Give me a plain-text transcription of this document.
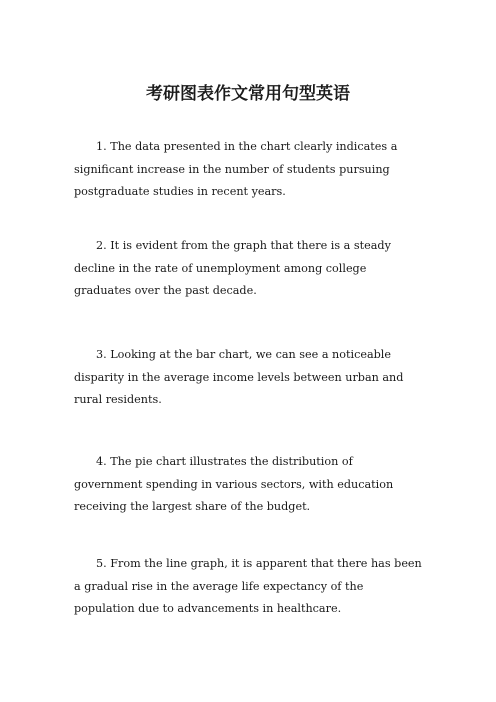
考研图表作文常用句型英语

1. The data presented in the chart clearly indicates a significant increase in the number of students pursuing postgraduate studies in recent years.

2. It is evident from the graph that there is a steady decline in the rate of unemployment among college graduates over the past decade.

3. Looking at the bar chart, we can see a noticeable disparity in the average income levels between urban and rural residents.

4. The pie chart illustrates the distribution of government spending in various sectors, with education receiving the largest share of the budget.

5. From the line graph, it is apparent that there has been a gradual rise in the average life expectancy of the population due to advancements in healthcare.
